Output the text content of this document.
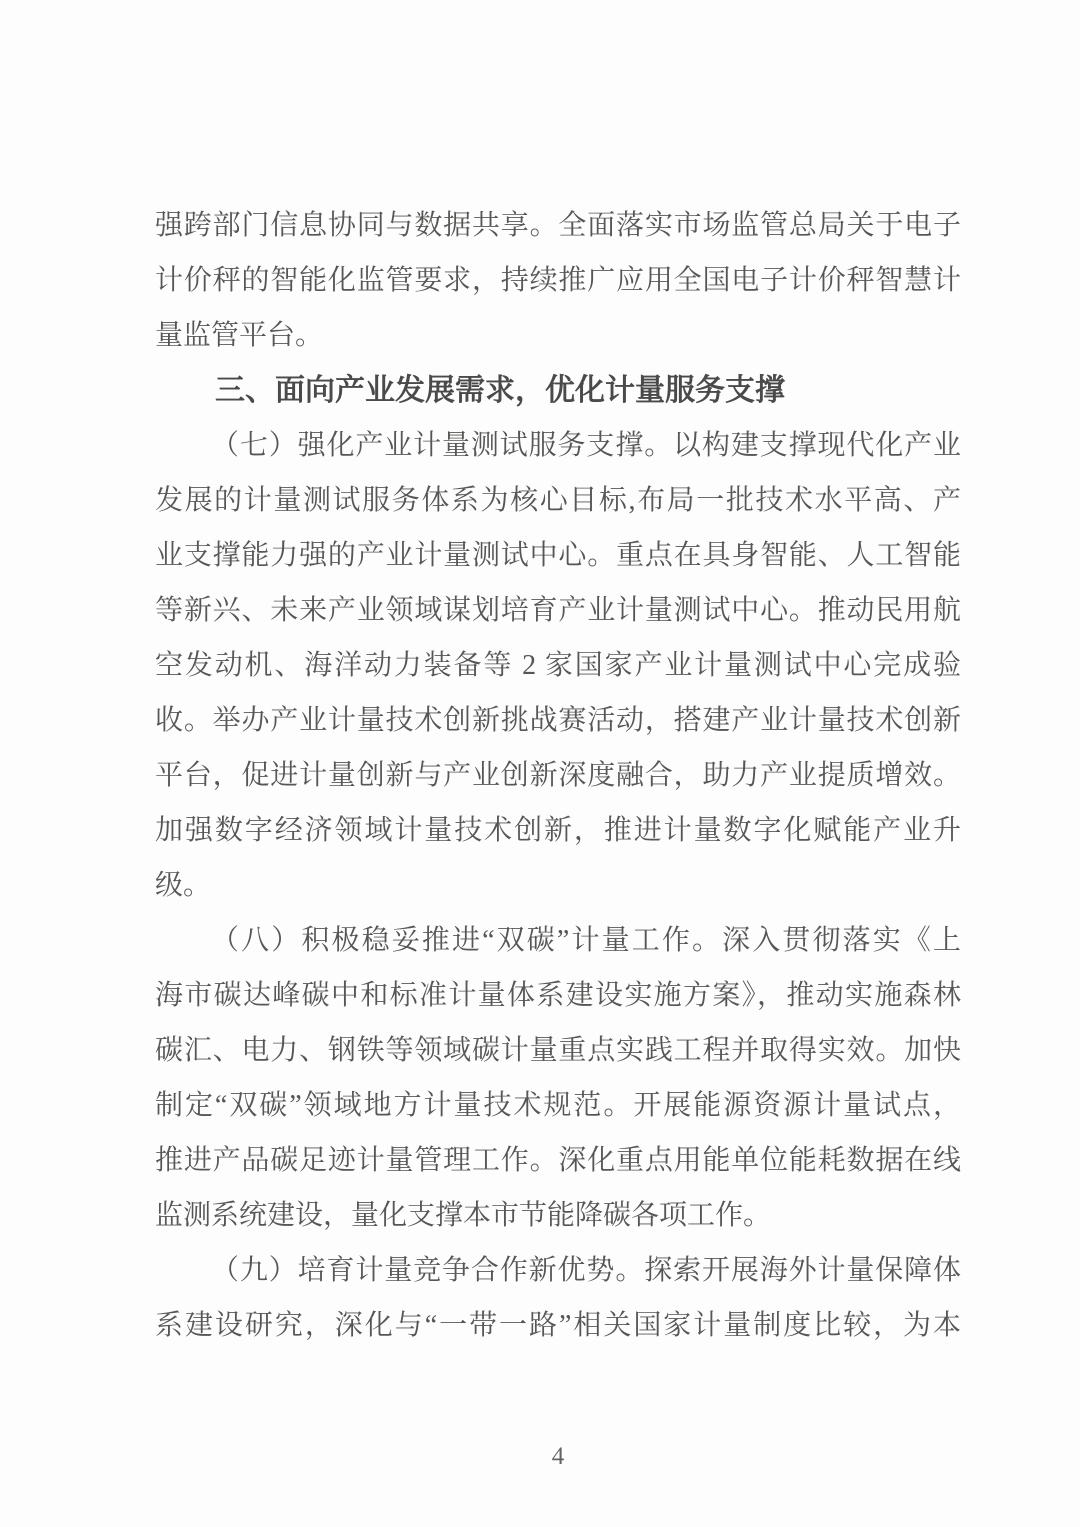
强跨部门信息协同与数据共享。全面落实市场监管总局关于电子
计价秤的智能化监管要求，持续推广应用全国电子计价秤智慧计
量监管平台。
三、面向产业发展需求，优化计量服务支撑
（七）强化产业计量测试服务支撑。以构建支撑现代化产业
发展的计量测试服务体系为核心目标,布局一批技术水平高、产
业支撑能力强的产业计量测试中心。重点在具身智能、人工智能
等新兴、未来产业领域谋划培育产业计量测试中心。推动民用航
空发动机、海洋动力装备等 2 家国家产业计量测试中心完成验
收。举办产业计量技术创新挑战赛活动，搭建产业计量技术创新
平台，促进计量创新与产业创新深度融合，助力产业提质增效。
加强数字经济领域计量技术创新，推进计量数字化赋能产业升
级。
（八）积极稳妥推进“双碳”计量工作。深入贯彻落实《上
海市碳达峰碳中和标准计量体系建设实施方案》，推动实施森林
碳汇、电力、钢铁等领域碳计量重点实践工程并取得实效。加快
制定“双碳”领域地方计量技术规范。开展能源资源计量试点，
推进产品碳足迹计量管理工作。深化重点用能单位能耗数据在线
监测系统建设，量化支撑本市节能降碳各项工作。
（九）培育计量竞争合作新优势。探索开展海外计量保障体
系建设研究，深化与“一带一路”相关国家计量制度比较，为本
4
